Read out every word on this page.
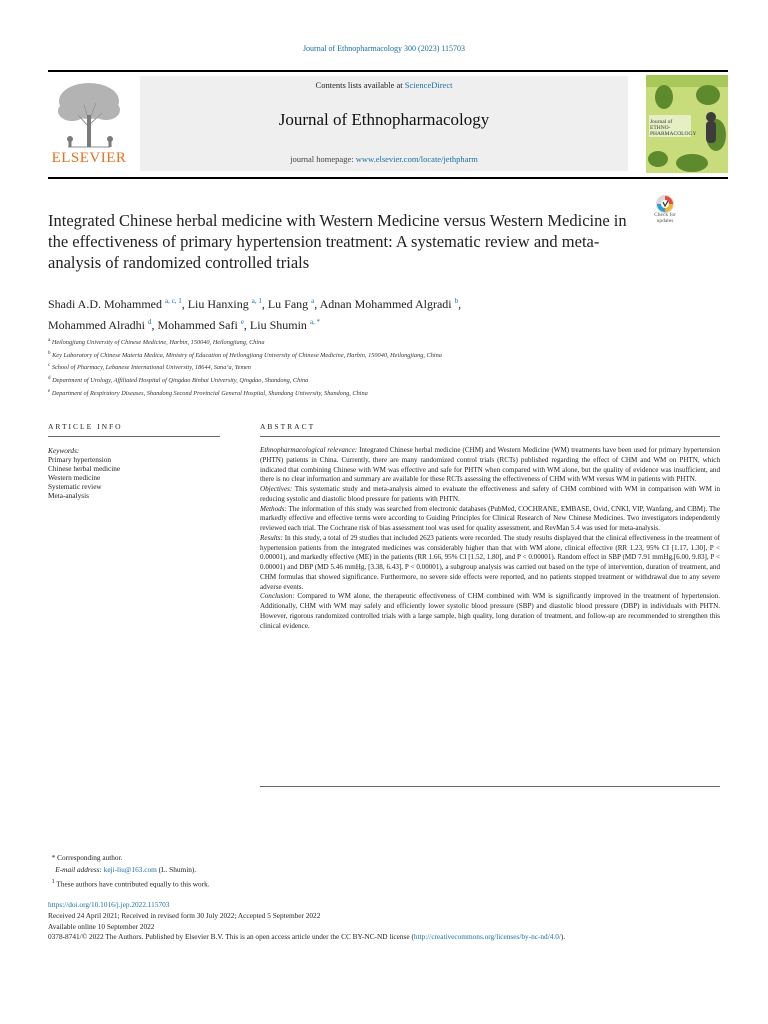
Journal of Ethnopharmacology 300 (2023) 115703
ELSEVIER
Contents lists available at ScienceDirect
Journal of Ethnopharmacology
journal homepage: www.elsevier.com/locate/jethpharm
Journal of ETHNO-PHARMACOLOGY
Integrated Chinese herbal medicine with Western Medicine versus Western Medicine in the effectiveness of primary hypertension treatment: A systematic review and meta-analysis of randomized controlled trials
Check for updates
Shadi A.D. Mohammed $^{a, c, 1}$, Liu Hanxing $^{a, 1}$, Lu Fang $^a$, Adnan Mohammed Algradi $^b$,
Mohammed Alradhi $^d$, Mohammed Safi $^e$, Liu Shumin $^{a, *}$
$^a$ Heilongjiang University of Chinese Medicine, Harbin, 150040, Heilongjiang, China
$^b$ Key Laboratory of Chinese Materia Medica, Ministry of Education of Heilongjiang University of Chinese Medicine, Harbin, 150040, Heilongjiang, China
$^c$ School of Pharmacy, Lebanese International University, 18644, Sana’a, Yemen
$^d$ Department of Urology, Affiliated Hospital of Qingdao Binhai University, Qingdao, Shandong, China
$^e$ Department of Respiratory Diseases, Shandong Second Provincial General Hospital, Shandong University, Shandong, China
ARTICLE INFO	ABSTRACT
Keywords:
Primary hypertension
Chinese herbal medicine
Western medicine
Systematic review
Meta-analysis

Ethnopharmacological relevance: Integrated Chinese herbal medicine (CHM) and Western Medicine (WM) treatments have been used for primary hypertension (PHTN) patients in China. Currently, there are many randomized control trials (RCTs) published regarding the effect of CHM and WM on PHTN, which indicated that combining Chinese with WM was effective and safe for PHTN when compared with WM alone, but the quality of evidence was insufficient, and there is no clear information and summary are available for these RCTs assessing the effectiveness of CHM with WM versus WM in patients with PHTN.

Objectives: This systematic study and meta-analysis aimed to evaluate the effectiveness and safety of CHM combined with WM in comparison with WM in reducing systolic and diastolic blood pressure for patients with PHTN.

Methods: The information of this study was searched from electronic databases (PubMed, COCHRANE, EMBASE, Ovid, CNKI, VIP, Wanfang, and CBM). The markedly effective and effective terms were according to Guiding Principles for Clinical Research of New Chinese Medicines. Two investigators independently reviewed each trial. The Cochrane risk of bias assessment tool was used for quality assessment, and RevMan 5.4 was used for meta-analysis.

Results: In this study, a total of 29 studies that included 2623 patients were recorded. The study results displayed that the clinical effectiveness in the treatment of hypertension patients from the integrated medicines was considerably higher than that with WM alone, clinical effective (RR 1.23, 95% CI [1.17, 1.30], P < 0.00001), and markedly effective (ME) in the patients (RR 1.66, 95% CI [1.52, 1.80], and P < 0.00001). Random effect in SBP (MD 7.91 mmHg,[6.00, 9.83], P < 0.00001) and DBP (MD 5.46 mmHg, [3.38, 6.43], P < 0.00001), a subgroup analysis was carried out based on the type of intervention, duration of treatment, and CHM formulas that showed significance. Furthermore, no severe side effects were reported, and no patients stopped treatment or withdrawal due to any severe adverse events.

Conclusion: Compared to WM alone, the therapeutic effectiveness of CHM combined with WM is significantly improved in the treatment of hypertension. Additionally, CHM with WM may safely and efficiently lower systolic blood pressure (SBP) and diastolic blood pressure (DBP) in individuals with PHTN. However, rigorous randomized controlled trials with a large sample, high quality, long duration of treatment, and follow-up are recommended to strengthen this clinical evidence.

* Corresponding author.
E-mail address: keji-liu@163.com (L. Shumin).
$^1$ These authors have contributed equally to this work.
https://doi.org/10.1016/j.jep.2022.115703
Received 24 April 2021; Received in revised form 30 July 2022; Accepted 5 September 2022
Available online 10 September 2022
0378-8741/© 2022 The Authors. Published by Elsevier B.V. This is an open access article under the CC BY-NC-ND license (http://creativecommons.org/licenses/by-nc-nd/4.0/).
